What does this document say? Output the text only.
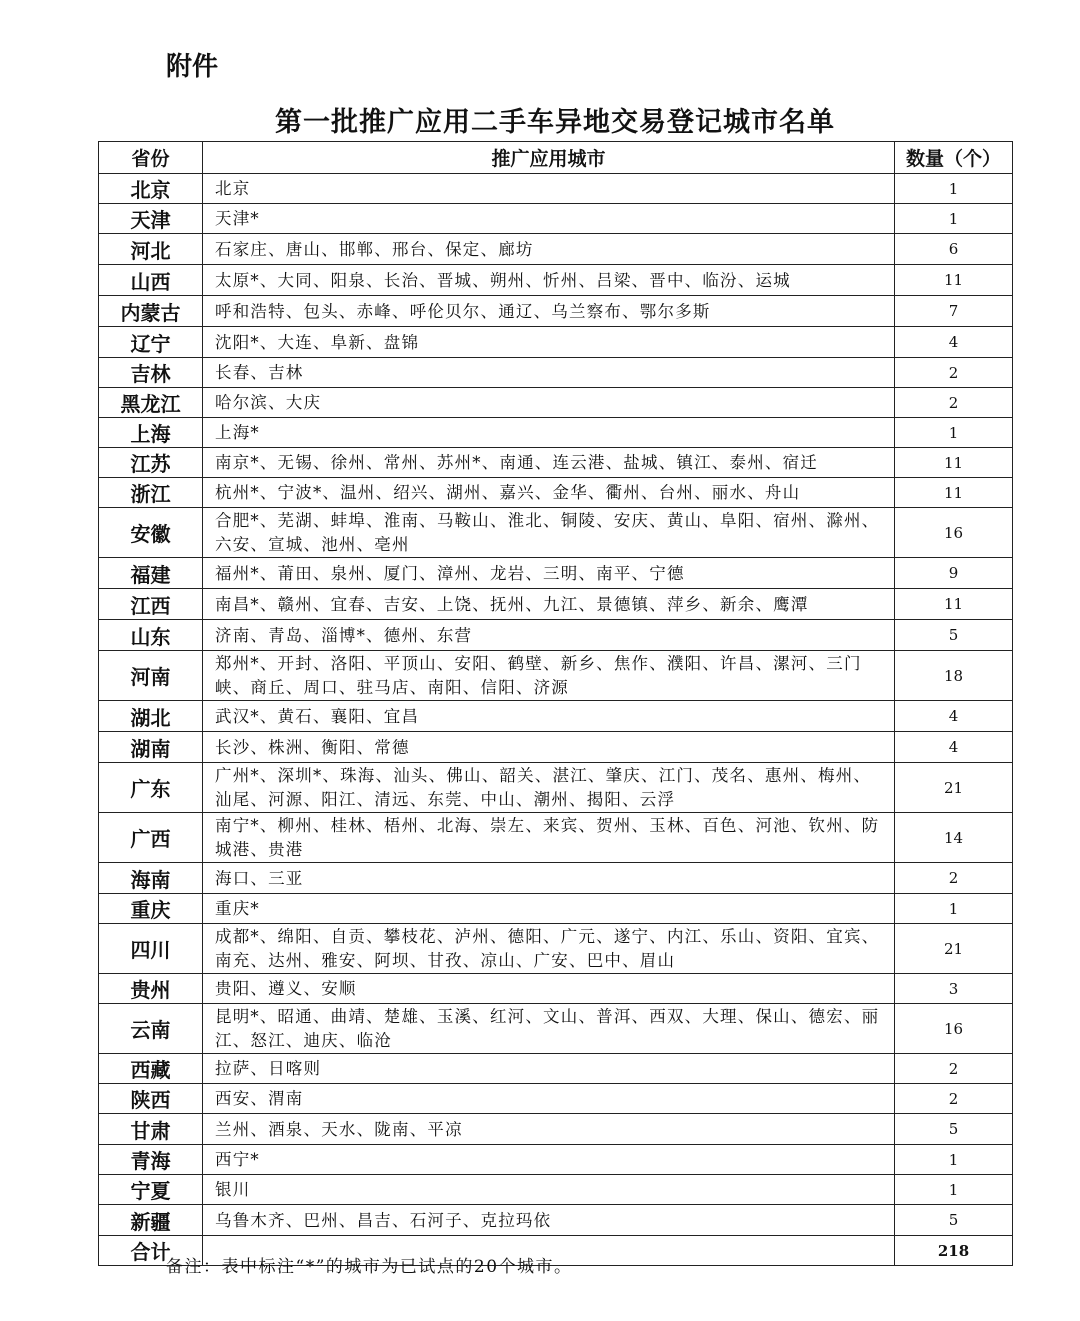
附件
第一批推广应用二手车异地交易登记城市名单
省份	推广应用城市	数量（个）
北京	北京	1
天津	天津*	1
河北	石家庄、唐山、邯郸、邢台、保定、廊坊	6
山西	太原*、大同、阳泉、长治、晋城、朔州、忻州、吕梁、晋中、临汾、运城	11
内蒙古	呼和浩特、包头、赤峰、呼伦贝尔、通辽、乌兰察布、鄂尔多斯	7
辽宁	沈阳*、大连、阜新、盘锦	4
吉林	长春、吉林	2
黑龙江	哈尔滨、大庆	2
上海	上海*	1
江苏	南京*、无锡、徐州、常州、苏州*、南通、连云港、盐城、镇江、泰州、宿迁	11
浙江	杭州*、宁波*、温州、绍兴、湖州、嘉兴、金华、衢州、台州、丽水、舟山	11
安徽	合肥*、芜湖、蚌埠、淮南、马鞍山、淮北、铜陵、安庆、黄山、阜阳、宿州、滁州、六安、宣城、池州、亳州	16
福建	福州*、莆田、泉州、厦门、漳州、龙岩、三明、南平、宁德	9
江西	南昌*、赣州、宜春、吉安、上饶、抚州、九江、景德镇、萍乡、新余、鹰潭	11
山东	济南、青岛、淄博*、德州、东营	5
河南	郑州*、开封、洛阳、平顶山、安阳、鹤壁、新乡、焦作、濮阳、许昌、漯河、三门峡、商丘、周口、驻马店、南阳、信阳、济源	18
湖北	武汉*、黄石、襄阳、宜昌	4
湖南	长沙、株洲、衡阳、常德	4
广东	广州*、深圳*、珠海、汕头、佛山、韶关、湛江、肇庆、江门、茂名、惠州、梅州、汕尾、河源、阳江、清远、东莞、中山、潮州、揭阳、云浮	21
广西	南宁*、柳州、桂林、梧州、北海、崇左、来宾、贺州、玉林、百色、河池、钦州、防城港、贵港	14
海南	海口、三亚	2
重庆	重庆*	1
四川	成都*、绵阳、自贡、攀枝花、泸州、德阳、广元、遂宁、内江、乐山、资阳、宜宾、南充、达州、雅安、阿坝、甘孜、凉山、广安、巴中、眉山	21
贵州	贵阳、遵义、安顺	3
云南	昆明*、昭通、曲靖、楚雄、玉溪、红河、文山、普洱、西双、大理、保山、德宏、丽江、怒江、迪庆、临沧	16
西藏	拉萨、日喀则	2
陕西	西安、渭南	2
甘肃	兰州、酒泉、天水、陇南、平凉	5
青海	西宁*	1
宁夏	银川	1
新疆	乌鲁木齐、巴州、昌吉、石河子、克拉玛依	5
合计		218
备注：表中标注“*”的城市为已试点的20个城市。
